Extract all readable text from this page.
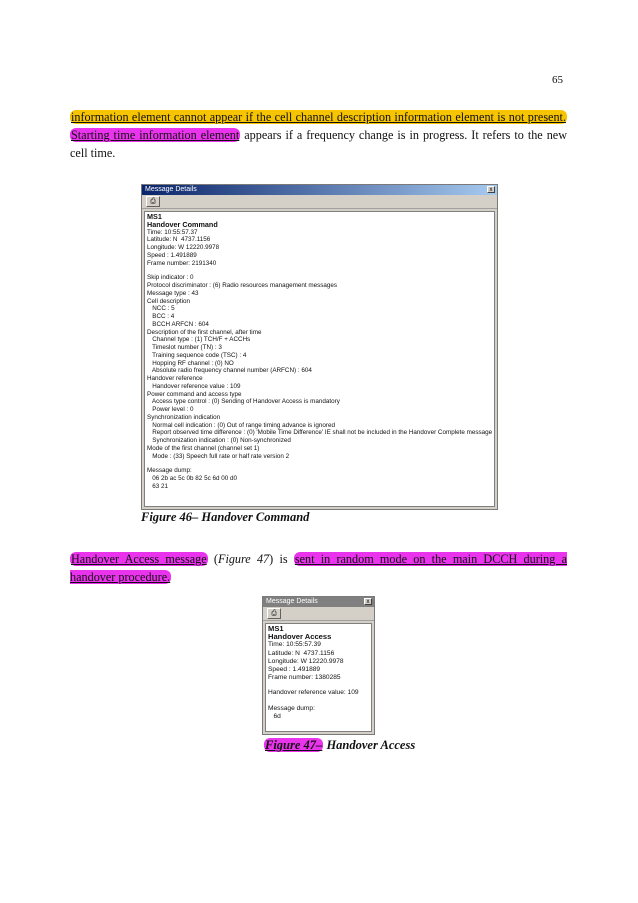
65
information element cannot appear if the cell channel description information element is not present. Starting time information element appears if a frequency change is in progress. It refers to the new cell time.
Message Details	x
⎙
MS1
Handover Command
Time: 10:55:57.37
Latitude: N  4737.1156
Longitude: W 12220.9978
Speed : 1.491889
Frame number: 2191340
Skip indicator : 0
Protocol discriminator : (6) Radio resources management messages
Message type : 43
Cell description
NCC : 5
BCC : 4
BCCH ARFCN : 604
Description of the first channel, after time
Channel type : (1) TCH/F + ACCHs
Timeslot number (TN) : 3
Training sequence code (TSC) : 4
Hopping RF channel : (0) NO
Absolute radio frequency channel number (ARFCN) : 604
Handover reference
Handover reference value : 109
Power command and access type
Access type control : (0) Sending of Handover Access is mandatory
Power level : 0
Synchronization indication
Normal cell indication : (0) Out of range timing advance is ignored
Report observed time difference : (0) 'Mobile Time Difference' IE shall not be included in the Handover Complete message
Synchronization indication : (0) Non-synchronized
Mode of the first channel (channel set 1)
Mode : (33) Speech full rate or half rate version 2
Message dump:
06 2b ac 5c 0b 82 5c 6d 00 d0
63 21
Figure 46– Handover Command
Handover Access message (Figure 47) is sent in random mode on the main DCCH during a handover procedure.
Message Details	x
⎙
MS1
Handover Access
Time: 10:55:57.39
Latitude: N  4737.1156
Longitude: W 12220.9978
Speed : 1.491889
Frame number: 1380285
Handover reference value: 109
Message dump:
6d
Figure 47– Handover Access
